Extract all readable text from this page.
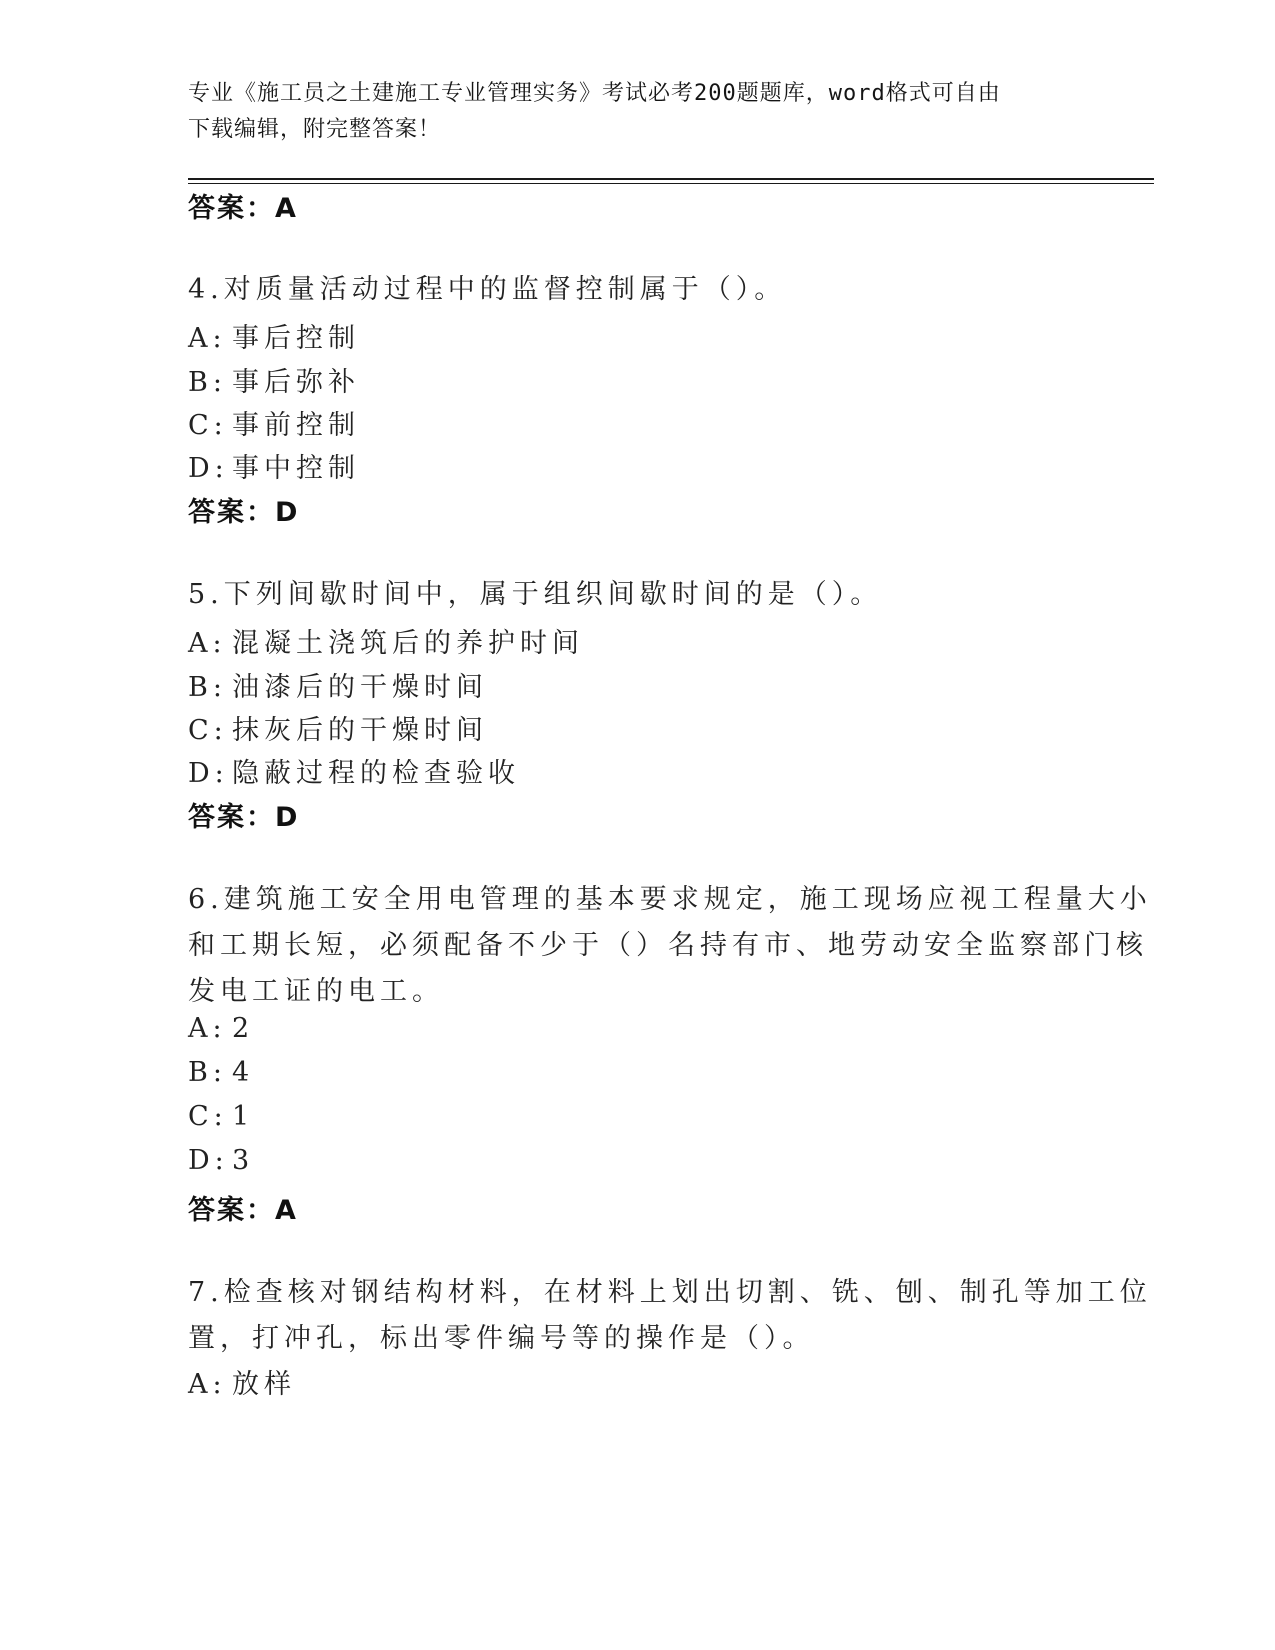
专业《施工员之土建施工专业管理实务》考试必考200题题库，word格式可自由
下载编辑，附完整答案！
答案：A
4.对质量活动过程中的监督控制属于（）。
A: 事后控制
B: 事后弥补
C: 事前控制
D: 事中控制
答案：D
5.下列间歇时间中，属于组织间歇时间的是（）。
A: 混凝土浇筑后的养护时间
B: 油漆后的干燥时间
C: 抹灰后的干燥时间
D: 隐蔽过程的检查验收
答案：D
6.建筑施工安全用电管理的基本要求规定，施工现场应视工程量大小
和工期长短，必须配备不少于（）名持有市、地劳动安全监察部门核
发电工证的电工。
A: 2
B: 4
C: 1
D: 3
答案：A
7.检查核对钢结构材料，在材料上划出切割、铣、刨、制孔等加工位
置，打冲孔，标出零件编号等的操作是（）。
A: 放样
